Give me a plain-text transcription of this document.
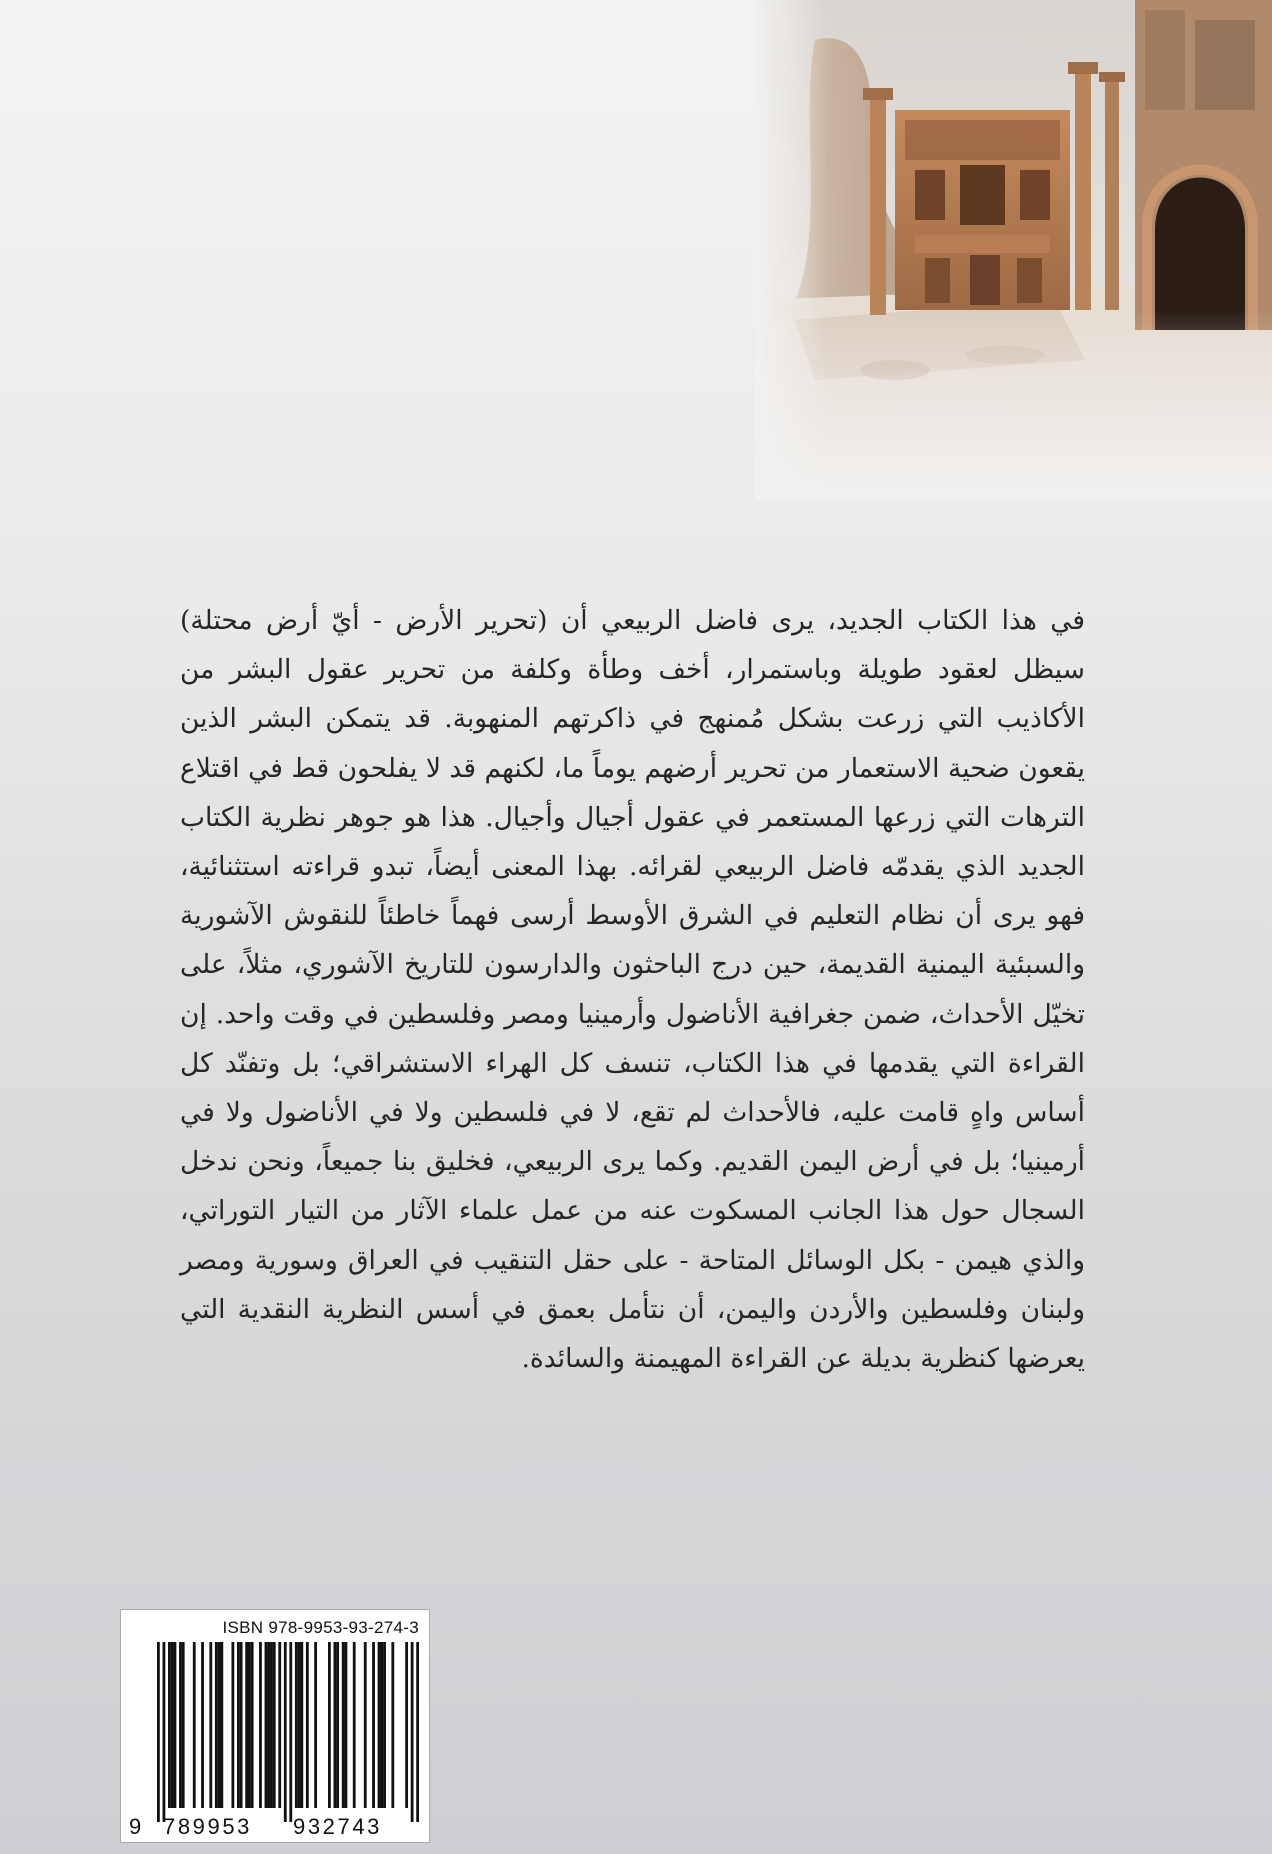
في هذا الكتاب الجديد، يرى فاضل الربيعي أن (تحرير الأرض - أيّ أرض محتلة) سيظل لعقود طويلة وباستمرار، أخف وطأة وكلفة من تحرير عقول البشر من الأكاذيب التي زرعت بشكل مُمنهج في ذاكرتهم المنهوبة. قد يتمكن البشر الذين يقعون ضحية الاستعمار من تحرير أرضهم يوماً ما، لكنهم قد لا يفلحون قط في اقتلاع الترهات التي زرعها المستعمر في عقول أجيال وأجيال. هذا هو جوهر نظرية الكتاب الجديد الذي يقدمّه فاضل الربيعي لقرائه. بهذا المعنى أيضاً، تبدو قراءته استثنائية، فهو يرى أن نظام التعليم في الشرق الأوسط أرسى فهماً خاطئاً للنقوش الآشورية والسبئية اليمنية القديمة، حين درج الباحثون والدارسون للتاريخ الآشوري، مثلاً، على تخيّل الأحداث، ضمن جغرافية الأناضول وأرمينيا ومصر وفلسطين في وقت واحد. إن القراءة التي يقدمها في هذا الكتاب، تنسف كل الهراء الاستشراقي؛ بل وتفنّد كل أساس واهٍ قامت عليه، فالأحداث لم تقع، لا في فلسطين ولا في الأناضول ولا في أرمينيا؛ بل في أرض اليمن القديم. وكما يرى الربيعي، فخليق بنا جميعاً، ونحن ندخل السجال حول هذا الجانب المسكوت عنه من عمل علماء الآثار من التيار التوراتي، والذي هيمن - بكل الوسائل المتاحة - على حقل التنقيب في العراق وسورية ومصر ولبنان وفلسطين والأردن واليمن، أن نتأمل بعمق في أسس النظرية النقدية التي يعرضها كنظرية بديلة عن القراءة المهيمنة والسائدة.

ISBN 978-9953-93-274-3
9 789953 932743
